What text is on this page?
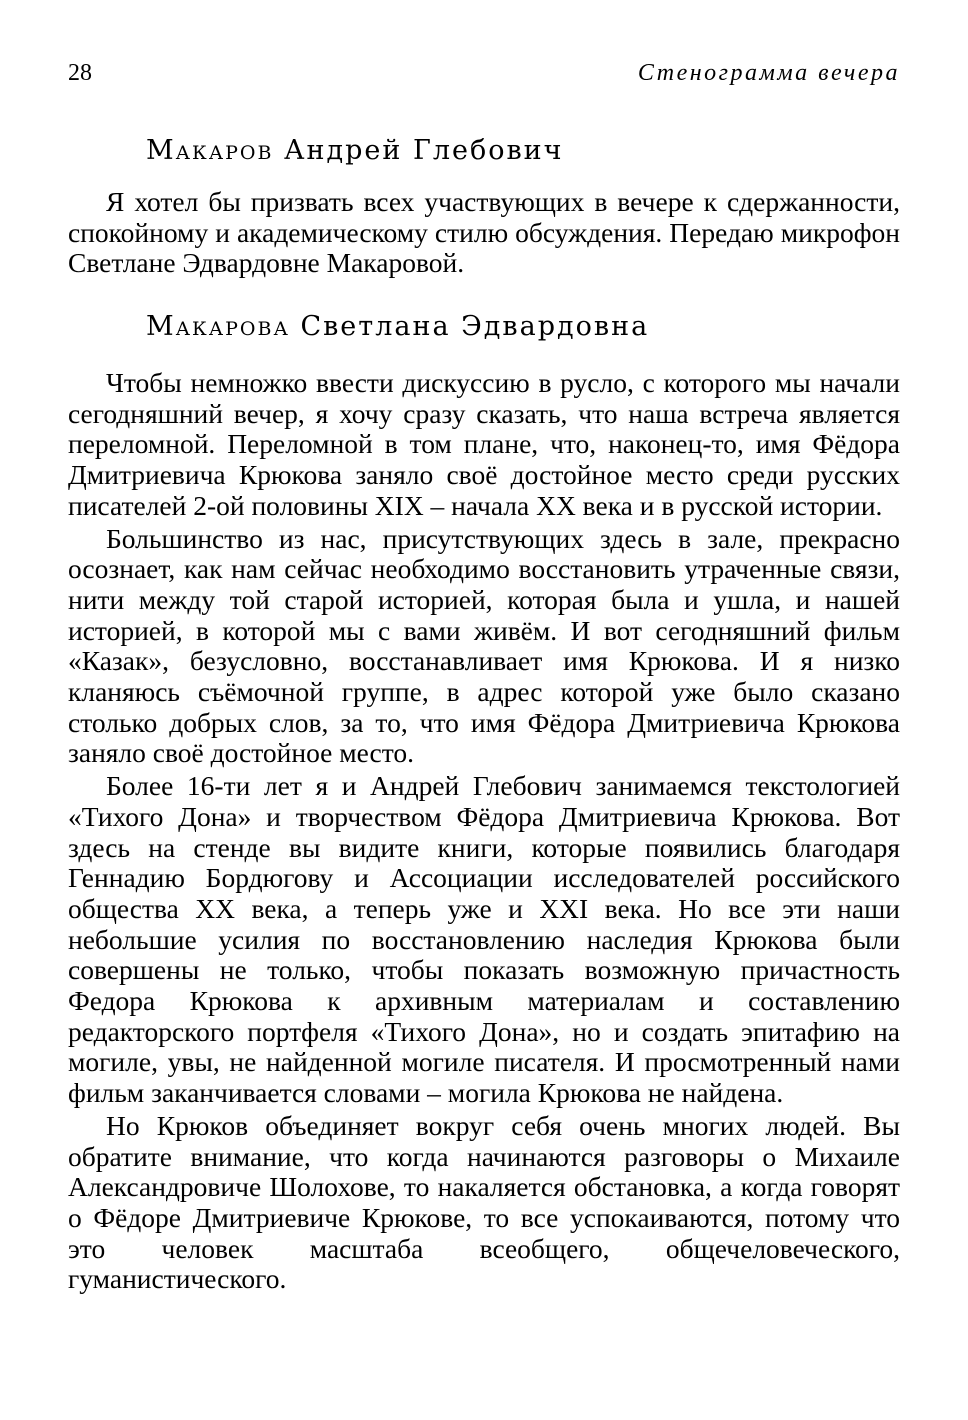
28	Стенограмма вечера
Макаров Андрей Глебович

Я хотел бы призвать всех участвующих в вечере к сдержанности, спокойному и академическому стилю обсуждения. Передаю микрофон Светлане Эдвардовне Макаровой.

Макарова Светлана Эдвардовна

Чтобы немножко ввести дискуссию в русло, с которого мы начали сегодняшний вечер, я хочу сразу сказать, что наша встреча является переломной. Переломной в том плане, что, наконец-то, имя Фёдора Дмитриевича Крюкова заняло своё достойное место среди русских писателей 2-ой половины XIX – начала XX века и в русской истории.

Большинство из нас, присутствующих здесь в зале, прекрасно осознает, как нам сейчас необходимо восстановить утраченные связи, нити между той старой историей, которая была и ушла, и нашей историей, в которой мы с вами живём. И вот сегодняшний фильм «Казак», безусловно, восстанавливает имя Крюкова. И я низко кланяюсь съёмочной группе, в адрес которой уже было сказано столько добрых слов, за то, что имя Фёдора Дмитриевича Крюкова заняло своё достойное место.

Более 16-ти лет я и Андрей Глебович занимаемся текстологией «Тихого Дона» и творчеством Фёдора Дмитриевича Крюкова. Вот здесь на стенде вы видите книги, которые появились благодаря Геннадию Бордюгову и Ассоциации исследователей российского общества XX века, а теперь уже и XXI века. Но все эти наши небольшие усилия по восстановлению наследия Крюкова были совершены не только, чтобы показать возможную причастность Федора Крюкова к архивным материалам и составлению редакторского портфеля «Тихого Дона», но и создать эпитафию на могиле, увы, не найденной могиле писателя. И просмотренный нами фильм заканчивается словами – могила Крюкова не найдена.

Но Крюков объединяет вокруг себя очень многих людей. Вы обратите внимание, что когда начинаются разговоры о Михаиле Александровиче Шолохове, то накаляется обстановка, а когда говорят о Фёдоре Дмитриевиче Крюкове, то все успокаиваются, потому что это человек масштаба всеобщего, общечеловеческого, гуманистического.
